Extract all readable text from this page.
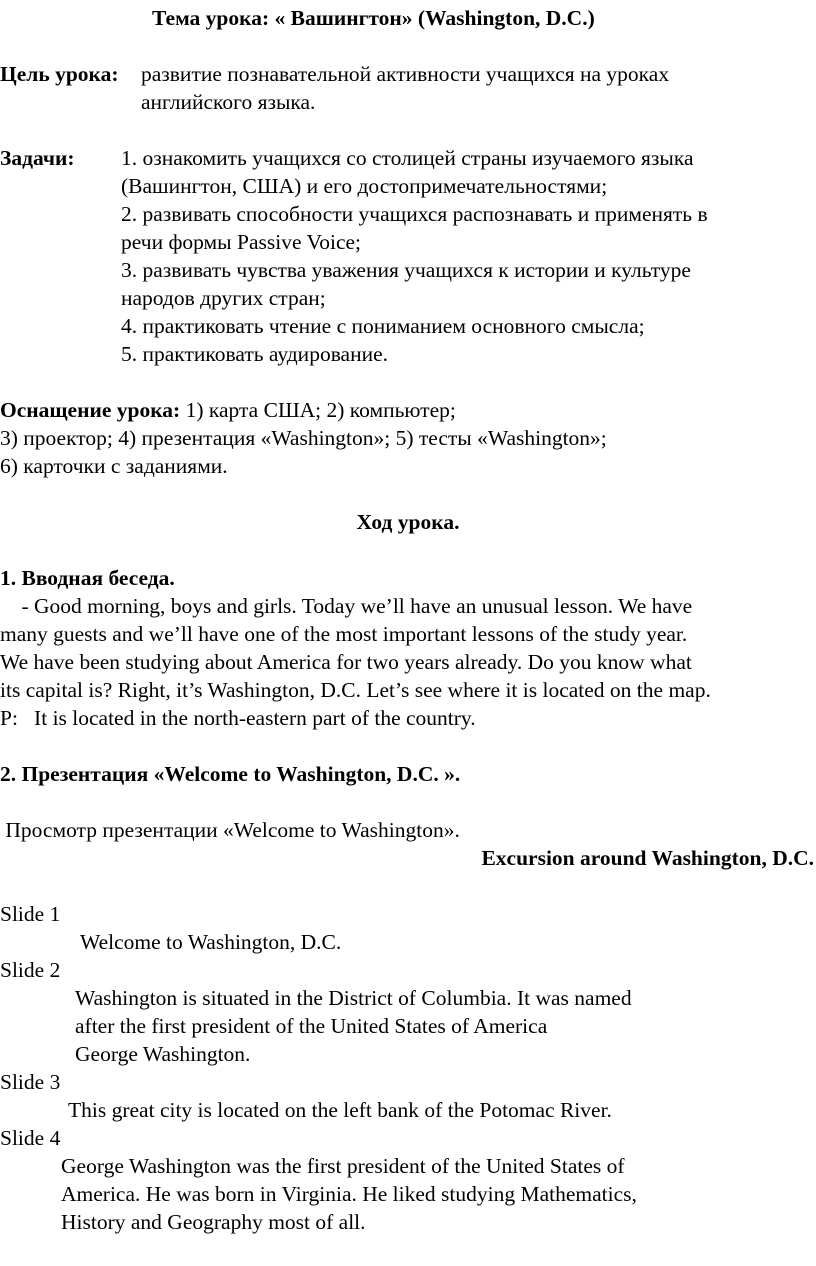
Тема урока: « Вашингтон» (Washington, D.C.)

Цель урока: развитие познавательной активности учащихся на уроках

английского языка.

Задачи: 1. ознакомить учащихся со столицей страны изучаемого языка

(Вашингтон, США) и его достопримечательностями;

2. развивать способности учащихся распознавать и применять в

речи формы Passive Voice;

3. развивать чувства уважения учащихся к истории и культуре

народов других стран;

4. практиковать чтение с пониманием основного смысла;

5. практиковать аудирование.

Оснащение урока: 1) карта США; 2) компьютер;

3) проектор; 4) презентация «Washington»; 5) тесты «Washington»;

6) карточки с заданиями.

Ход урока.

1. Вводная беседа.

- Good morning, boys and girls. Today we’ll have an unusual lesson. We have

many guests and we’ll have one of the most important lessons of the study year.

We have been studying about America for two years already. Do you know what

its capital is? Right, it’s Washington, D.C. Let’s see where it is located on the map.

P:   It is located in the north-eastern part of the country.

2. Презентация «Welcome to Washington, D.C. ».

Просмотр презентации «Welcome to Washington».

Excursion around Washington, D.C.

Slide 1

Welcome to Washington, D.C.

Slide 2

Washington is situated in the District of Columbia. It was named

after the first president of the United States of America

George Washington.

Slide 3

This great city is located on the left bank of the Potomac River.

Slide 4

George Washington was the first president of the United States of

America. He was born in Virginia. He liked studying Mathematics,

History and Geography most of all.
